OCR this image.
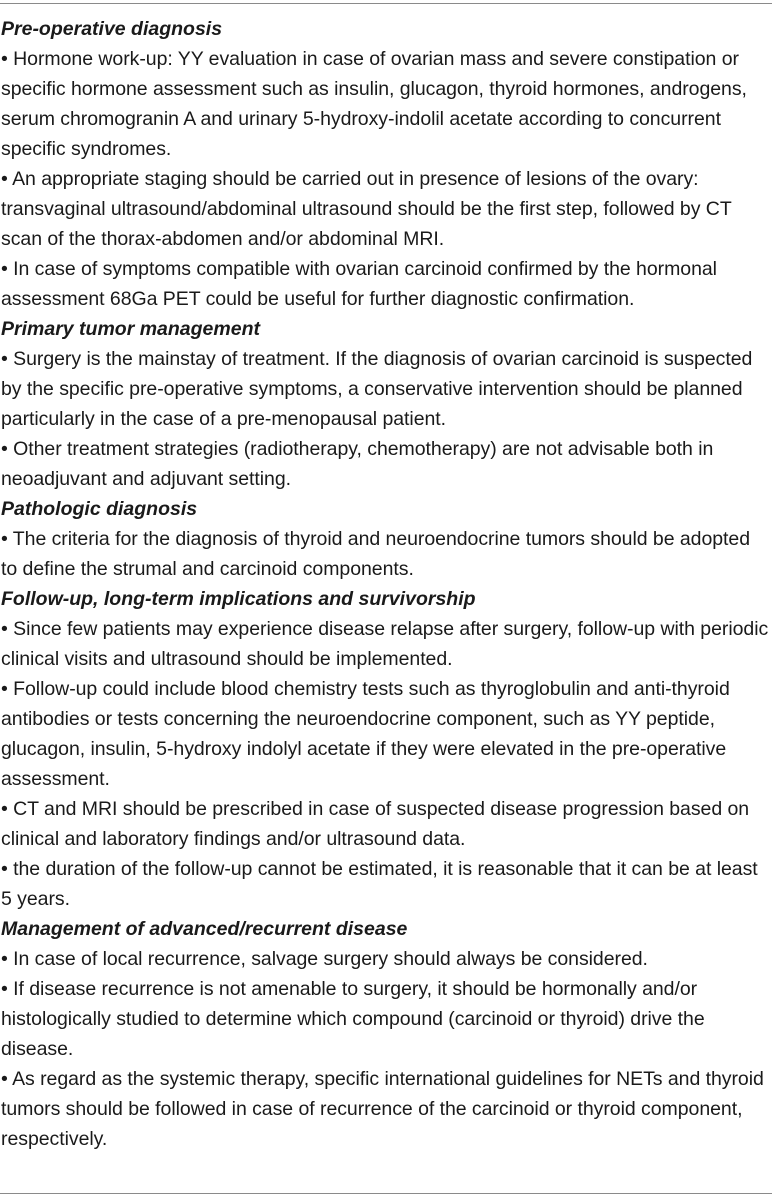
Pre-operative diagnosis

• Hormone work-up: YY evaluation in case of ovarian mass and severe constipation or specific hormone assessment such as insulin, glucagon, thyroid hormones, androgens, serum chromogranin A and urinary 5-hydroxy-indolil acetate according to concurrent specific syndromes.

• An appropriate staging should be carried out in presence of lesions of the ovary: transvaginal ultrasound/abdominal ultrasound should be the first step, followed by CT scan of the thorax-abdomen and/or abdominal MRI.

• In case of symptoms compatible with ovarian carcinoid confirmed by the hormonal assessment 68Ga PET could be useful for further diagnostic confirmation.

Primary tumor management

• Surgery is the mainstay of treatment. If the diagnosis of ovarian carcinoid is suspected by the specific pre-operative symptoms, a conservative intervention should be planned particularly in the case of a pre-menopausal patient.

• Other treatment strategies (radiotherapy, chemotherapy) are not advisable both in neoadjuvant and adjuvant setting.

Pathologic diagnosis

• The criteria for the diagnosis of thyroid and neuroendocrine tumors should be adopted to define the strumal and carcinoid components.

Follow-up, long-term implications and survivorship

• Since few patients may experience disease relapse after surgery, follow-up with periodic clinical visits and ultrasound should be implemented.

• Follow-up could include blood chemistry tests such as thyroglobulin and anti-thyroid antibodies or tests concerning the neuroendocrine component, such as YY peptide, glucagon, insulin, 5-hydroxy indolyl acetate if they were elevated in the pre-operative assessment.

• CT and MRI should be prescribed in case of suspected disease progression based on clinical and laboratory findings and/or ultrasound data.

• the duration of the follow-up cannot be estimated, it is reasonable that it can be at least 5 years.

Management of advanced/recurrent disease

• In case of local recurrence, salvage surgery should always be considered.

• If disease recurrence is not amenable to surgery, it should be hormonally and/or histologically studied to determine which compound (carcinoid or thyroid) drive the disease.

• As regard as the systemic therapy, specific international guidelines for NETs and thyroid tumors should be followed in case of recurrence of the carcinoid or thyroid component, respectively.
